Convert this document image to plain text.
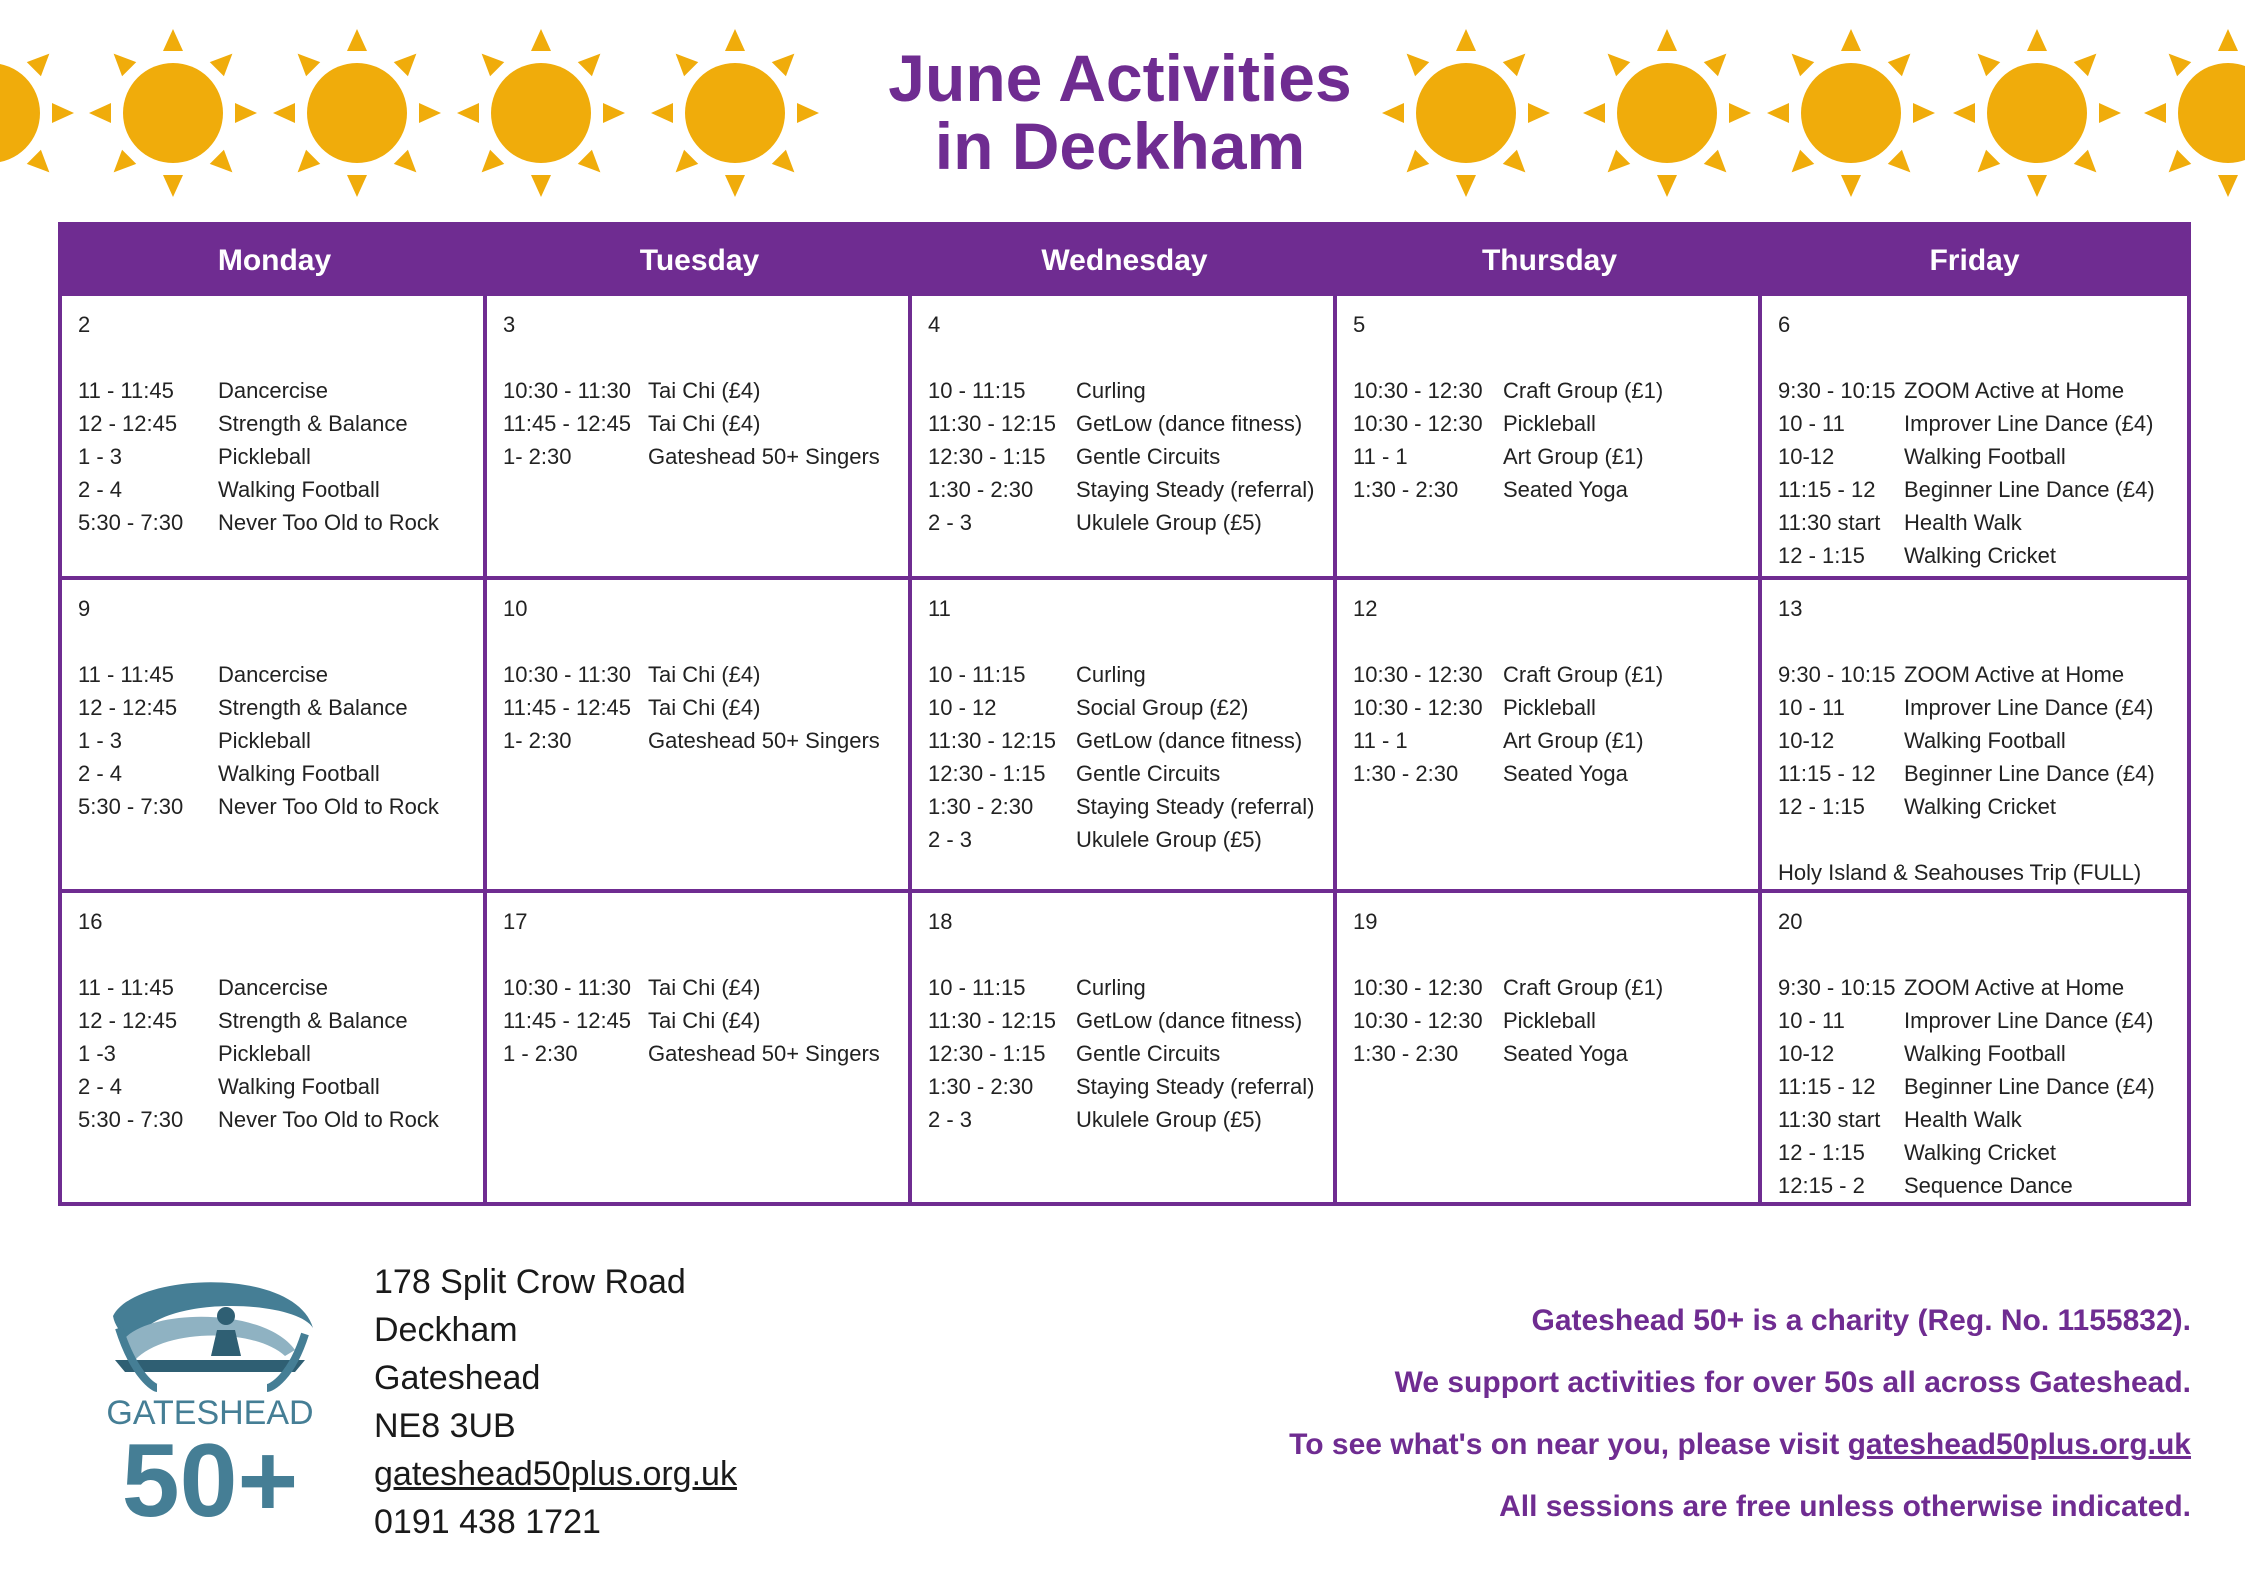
June Activities
in Deckham
Monday	Tuesday	Wednesday	Thursday	Friday
2
11 - 11:45	Dancercise
12 - 12:45	Strength & Balance
1 - 3	Pickleball
2 - 4	Walking Football
5:30 - 7:30	Never Too Old to Rock
3
10:30 - 11:30 Tai Chi (£4)
11:45 - 12:45 Tai Chi (£4)
1- 2:30	Gateshead 50+ Singers
4
10 - 11:15	Curling
11:30 - 12:15 GetLow (dance fitness)
12:30 - 1:15	Gentle Circuits
1:30 - 2:30	Staying Steady (referral)
2 - 3	Ukulele Group (£5)
5
10:30 - 12:30 Craft Group (£1)
10:30 - 12:30 Pickleball
11 - 1	Art Group (£1)
1:30 - 2:30	Seated Yoga
6
9:30 - 10:15 ZOOM Active at Home
10 - 11	Improver Line Dance (£4)
10-12	Walking Football
11:15 - 12	Beginner Line Dance (£4)
11:30 start	Health Walk
12 - 1:15	Walking Cricket
9
11 - 11:45	Dancercise
12 - 12:45	Strength & Balance
1 - 3	Pickleball
2 - 4	Walking Football
5:30 - 7:30	Never Too Old to Rock
10
10:30 - 11:30 Tai Chi (£4)
11:45 - 12:45 Tai Chi (£4)
1- 2:30	Gateshead 50+ Singers
11
10 - 11:15	Curling
10 - 12	Social Group (£2)
11:30 - 12:15 GetLow (dance fitness)
12:30 - 1:15	Gentle Circuits
1:30 - 2:30	Staying Steady (referral)
2 - 3	Ukulele Group (£5)
12
10:30 - 12:30 Craft Group (£1)
10:30 - 12:30 Pickleball
11 - 1	Art Group (£1)
1:30 - 2:30	Seated Yoga
13
9:30 - 10:15 ZOOM Active at Home
10 - 11	Improver Line Dance (£4)
10-12	Walking Football
11:15 - 12	Beginner Line Dance (£4)
12 - 1:15	Walking Cricket
Holy Island & Seahouses Trip (FULL)
16
11 - 11:45	Dancercise
12 - 12:45	Strength & Balance
1 -3	Pickleball
2 - 4	Walking Football
5:30 - 7:30	Never Too Old to Rock
17
10:30 - 11:30 Tai Chi (£4)
11:45 - 12:45 Tai Chi (£4)
1 - 2:30	Gateshead 50+ Singers
18
10 - 11:15	Curling
11:30 - 12:15 GetLow (dance fitness)
12:30 - 1:15	Gentle Circuits
1:30 - 2:30	Staying Steady (referral)
2 - 3	Ukulele Group (£5)
19
10:30 - 12:30 Craft Group (£1)
10:30 - 12:30 Pickleball
1:30 - 2:30	Seated Yoga
20
9:30 - 10:15 ZOOM Active at Home
10 - 11	Improver Line Dance (£4)
10-12	Walking Football
11:15 - 12	Beginner Line Dance (£4)
11:30 start	Health Walk
12 - 1:15	Walking Cricket
12:15 - 2	Sequence Dance
GATESHEAD
50+
178 Split Crow Road
Deckham
Gateshead
NE8 3UB
gateshead50plus.org.uk
0191 438 1721
Gateshead 50+ is a charity (Reg. No. 1155832).
We support activities for over 50s all across Gateshead.
To see what's on near you, please visit gateshead50plus.org.uk
All sessions are free unless otherwise indicated.
